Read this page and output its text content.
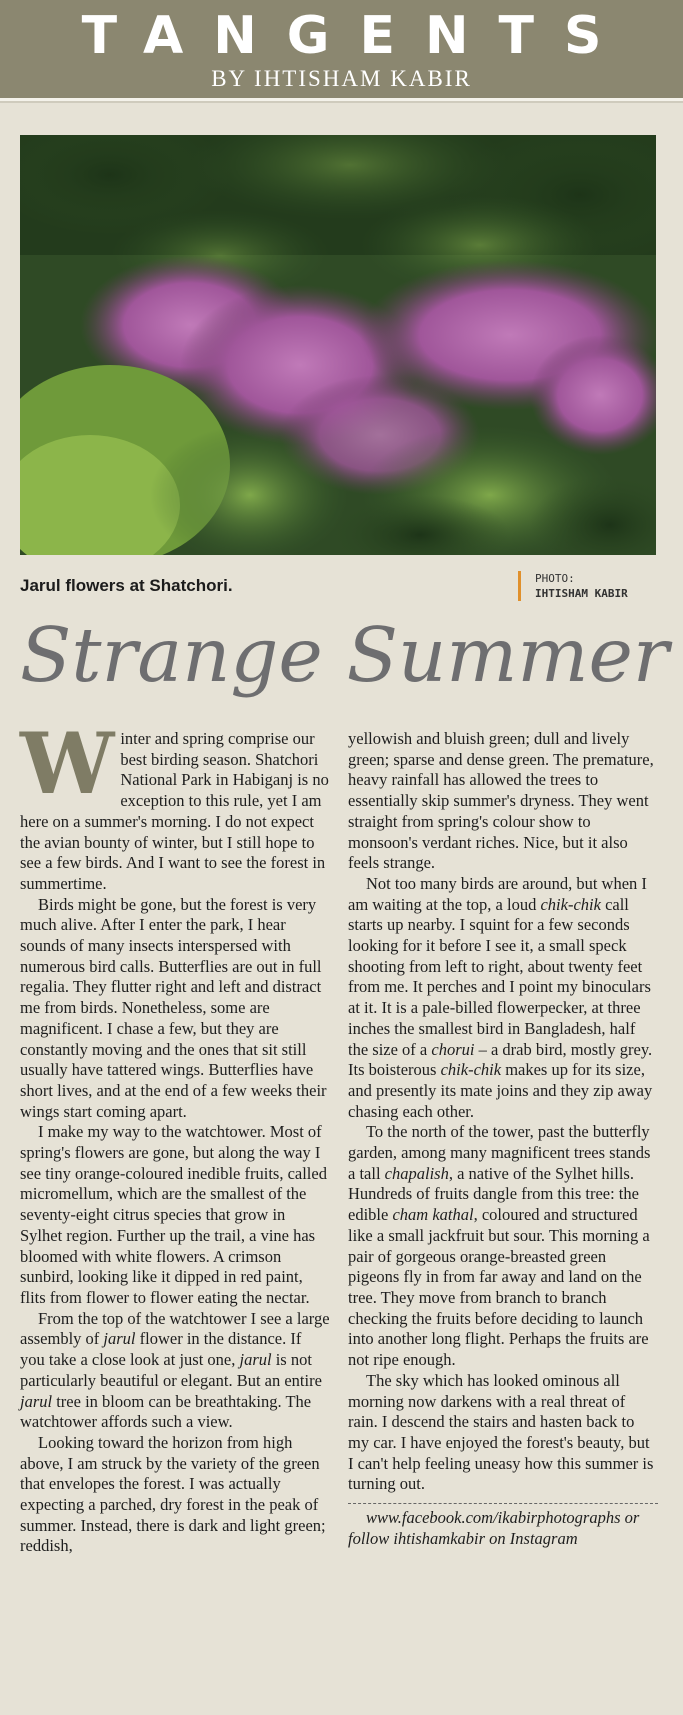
TANGENTS
BY IHTISHAM KABIR
Jarul flowers at Shatchori.	PHOTO:
IHTISHAM KABIR
Strange Summer

Winter and spring comprise our best birding season. Shatchori National Park in Habiganj is no exception to this rule, yet I am here on a summer's morning. I do not expect the avian bounty of winter, but I still hope to see a few birds. And I want to see the forest in summertime.

Birds might be gone, but the forest is very much alive. After I enter the park, I hear sounds of many insects interspersed with numerous bird calls. Butterflies are out in full regalia. They flutter right and left and distract me from birds. Nonetheless, some are magnificent. I chase a few, but they are constantly moving and the ones that sit still usually have tattered wings. Butterflies have short lives, and at the end of a few weeks their wings start coming apart.

I make my way to the watchtower. Most of spring's flowers are gone, but along the way I see tiny orange-coloured inedible fruits, called micromellum, which are the smallest of the seventy-eight citrus species that grow in Sylhet region. Further up the trail, a vine has bloomed with white flowers. A crimson sunbird, looking like it dipped in red paint, flits from flower to flower eating the nectar.

From the top of the watchtower I see a large assembly of jarul flower in the distance. If you take a close look at just one, jarul is not particularly beautiful or elegant. But an entire jarul tree in bloom can be breathtaking. The watchtower affords such a view.

Looking toward the horizon from high above, I am struck by the variety of the green that envelopes the forest. I was actually expecting a parched, dry forest in the peak of summer. Instead, there is dark and light green; reddish,

yellowish and bluish green; dull and lively green; sparse and dense green. The premature, heavy rainfall has allowed the trees to essentially skip summer's dryness. They went straight from spring's colour show to monsoon's verdant riches. Nice, but it also feels strange.

Not too many birds are around, but when I am waiting at the top, a loud chik-chik call starts up nearby. I squint for a few seconds looking for it before I see it, a small speck shooting from left to right, about twenty feet from me. It perches and I point my binoculars at it. It is a pale-billed flowerpecker, at three inches the smallest bird in Bangladesh, half the size of a chorui – a drab bird, mostly grey. Its boisterous chik-chik makes up for its size, and presently its mate joins and they zip away chasing each other.

To the north of the tower, past the butterfly garden, among many magnificent trees stands a tall chapalish, a native of the Sylhet hills. Hundreds of fruits dangle from this tree: the edible cham kathal, coloured and structured like a small jackfruit but sour. This morning a pair of gorgeous orange-breasted green pigeons fly in from far away and land on the tree. They move from branch to branch checking the fruits before deciding to launch into another long flight. Perhaps the fruits are not ripe enough.

The sky which has looked ominous all morning now darkens with a real threat of rain. I descend the stairs and hasten back to my car. I have enjoyed the forest's beauty, but I can't help feeling uneasy how this summer is turning out.

www.facebook.com/ikabirphotographs or follow ihtishamkabir on Instagram
